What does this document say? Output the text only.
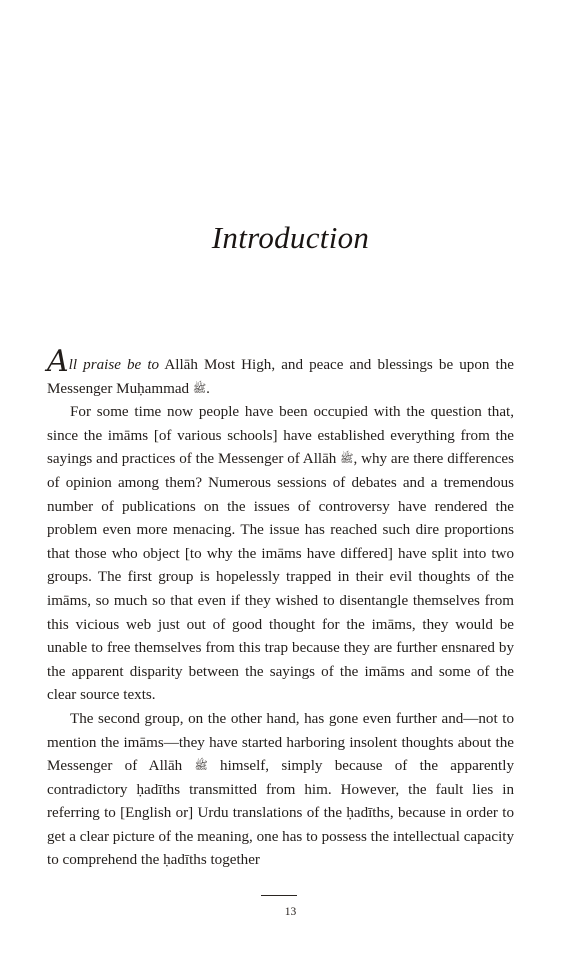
Introduction

All praise be to Allāh Most High, and peace and blessings be upon the Messenger Muḥammad ﷺ.

For some time now people have been occupied with the question that, since the imāms [of various schools] have established everything from the sayings and practices of the Messenger of Allāh ﷺ, why are there differences of opinion among them? Numerous sessions of debates and a tremendous number of publications on the issues of controversy have rendered the problem even more menacing. The issue has reached such dire proportions that those who object [to why the imāms have differed] have split into two groups. The first group is hopelessly trapped in their evil thoughts of the imāms, so much so that even if they wished to disentangle themselves from this vicious web just out of good thought for the imāms, they would be unable to free themselves from this trap because they are further ensnared by the apparent disparity between the sayings of the imāms and some of the clear source texts.

The second group, on the other hand, has gone even further and—not to mention the imāms—they have started harboring insolent thoughts about the Messenger of Allāh ﷺ himself, simply because of the apparently contradictory ḥadīths transmitted from him. However, the fault lies in referring to [English or] Urdu translations of the ḥadīths, because in order to get a clear picture of the meaning, one has to possess the intellectual capacity to comprehend the ḥadīths together

13
